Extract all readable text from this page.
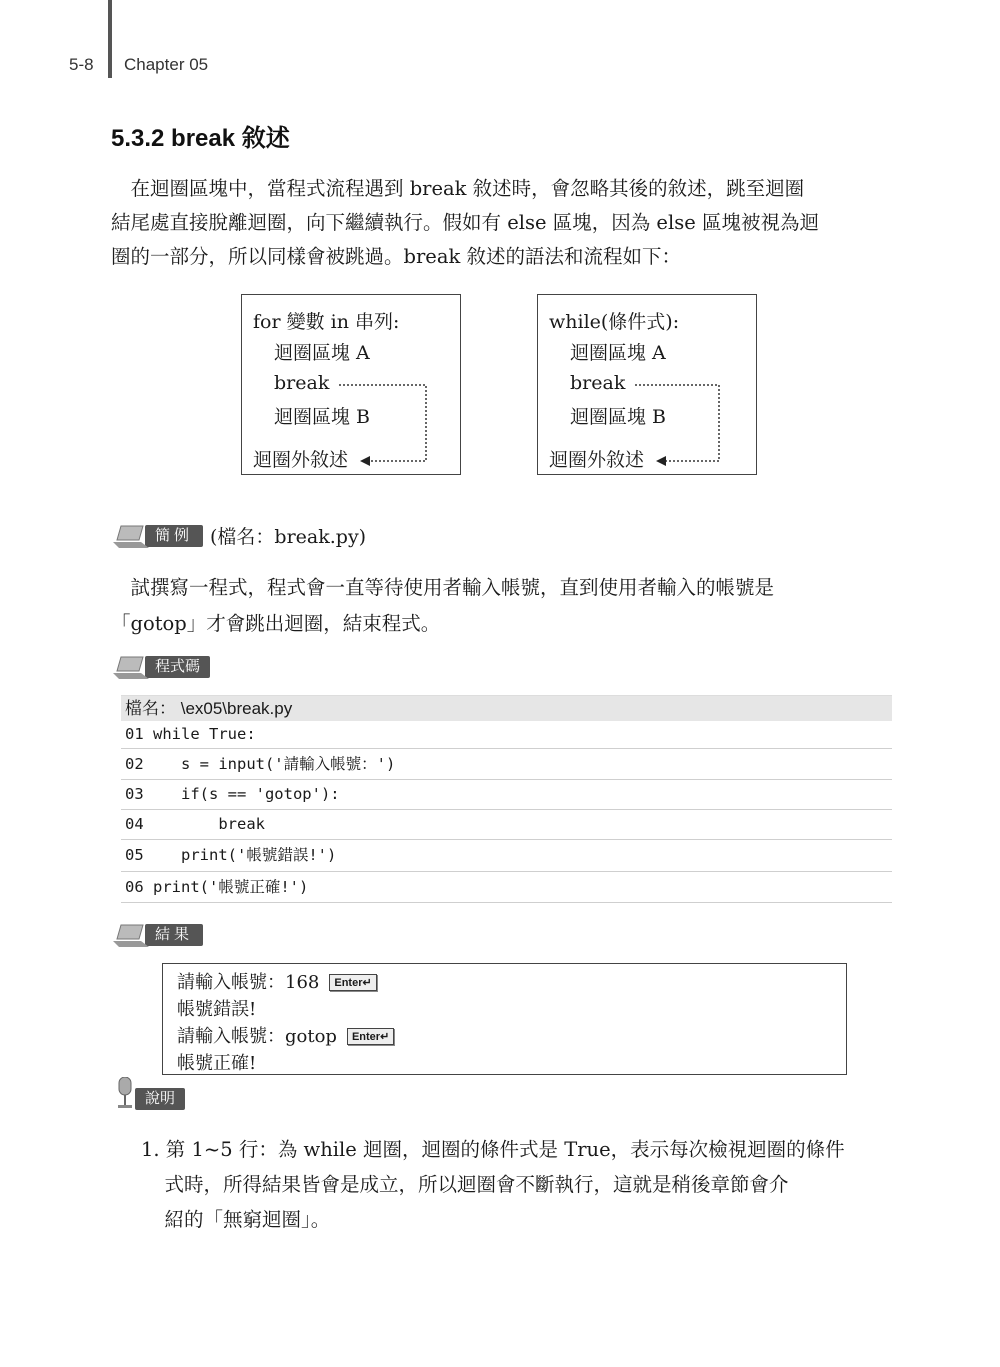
5-8 Chapter 05
5.3.2 break 敘述
　在迴圈區塊中，當程式流程遇到 break 敘述時，會忽略其後的敘述，跳至迴圈
結尾處直接脫離迴圈，向下繼續執行。假如有 else 區塊，因為 else 區塊被視為迴
圈的一部分，所以同樣會被跳過。break 敘述的語法和流程如下：
for 變數 in 串列:
迴圈區塊 A
break
迴圈區塊 B
迴圈外敘述
while(條件式):
迴圈區塊 A
break
迴圈區塊 B
迴圈外敘述
簡例 (檔名：break.py)
　試撰寫一程式，程式會一直等待使用者輸入帳號，直到使用者輸入的帳號是
「gotop」才會跳出迴圈，結束程式。
程式碼
檔名： \ex05\break.py
01 while True:
02    s = input('請輸入帳號：')
03    if(s == 'gotop'):
04        break
05    print('帳號錯誤!')
06 print('帳號正確!')
結果
請輸入帳號：168 Enter↵
帳號錯誤!
請輸入帳號：gotop Enter↵
帳號正確!
說明
1. 第 1~5 行：為 while 迴圈，迴圈的條件式是 True，表示每次檢視迴圈的條件
　式時，所得結果皆會是成立，所以迴圈會不斷執行，這就是稍後章節會介
　紹的「無窮迴圈」。
